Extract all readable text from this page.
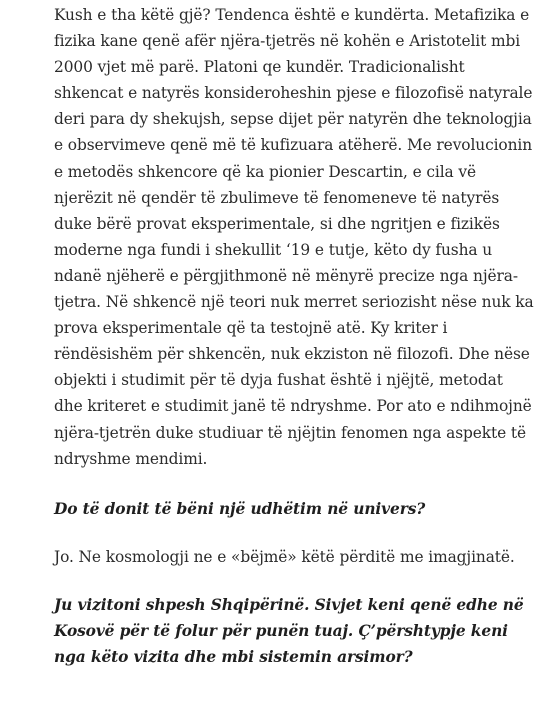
Kush e tha këtë gjë? Tendenca është e kundërta. Metafizika e fizika kane qenë afër njëra-tjetrës në kohën e Aristotelit mbi 2000 vjet më parë. Platoni qe kundër. Tradicionalisht shkencat e natyrës konsideroheshin pjese e filozofisë natyrale deri para dy shekujsh, sepse dijet për natyrën dhe teknologjia e observimeve qenë më të kufizuara atëherë. Me revolucionin e metodës shkencore që ka pionier Descartin, e cila vë njerëzit në qendër të zbulimeve të fenomeneve të natyrës duke bërë provat eksperimentale, si dhe ngritjen e fizikës moderne nga fundi i shekullit ‘19 e tutje, këto dy fusha u ndanë njëherë e përgjithmonë në mënyrë precize nga njëra-tjetra. Në shkencë një teori nuk merret seriozisht nëse nuk ka prova eksperimentale që ta testojnë atë. Ky kriter i rëndësishëm për shkencën, nuk ekziston në filozofi. Dhe nëse objekti i studimit për të dyja fushat është i njëjtë, metodat dhe kriteret e studimit janë të ndryshme. Por ato e ndihmojnë njëra-tjetrën duke studiuar të njëjtin fenomen nga aspekte të ndryshme mendimi.

Do të donit të bëni një udhëtim në univers?

Jo. Ne kosmologji ne e «bëjmë» këtë përditë me imagjinatë.

Ju vizitoni shpesh Shqipërinë. Sivjet keni qenë edhe në Kosovë për të folur për punën tuaj. Ç’përshtypje keni nga këto vizita dhe mbi sistemin arsimor?
